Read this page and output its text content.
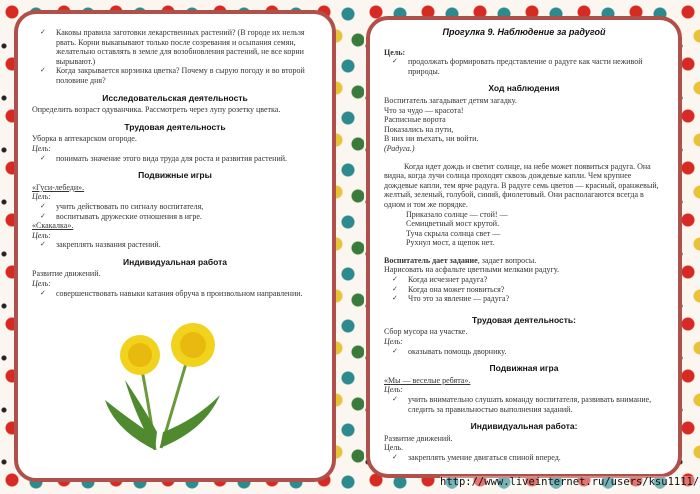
✓ Каковы правила заготовки лекарственных растений? (В городе их нельзя рвать. Корни выкапывают только после созревания и осыпания семян, желательно оставлять в земле для возобновления растений, не все корни вырывают.)
✓ Когда закрывается корзинка цветка? Почему в сырую погоду и во второй половине дня?
Исследовательская деятельность

Определить возраст одуванчика. Рассмотреть через лупу розетку цветка.

Трудовая деятельность

Уборка в аптекарском огороде.

Цель:

✓ понимать значение этого вида труда для роста и развития растений.
Подвижные игры

«Гуси-лебеди».

Цель:

✓ учить действовать по сигналу воспитателя,
✓ воспитывать дружеские отношения в игре.

«Скакалка».

Цель:

✓ закреплять названия растений.
Индивидуальная работа

Развитие движений.

Цель:

✓ совершенствовать навыки катания обруча в произвольном направлении.
Прогулка 9. Наблюдение за радугой

Цель:

✓ продолжать формировать представление о радуге как части неживой природы.
Ход наблюдения

Воспитатель загадывает детям загадку.

Что за чудо — красота!

Расписные ворота

Показались на пути,

В них ни въехать, ни войти.

(Радуга.)

Когда идет дождь и светит солнце, на небе может появиться радуга. Она видна, когда лучи солнца проходят сквозь дождевые капли. Чем крупнее дождевые капли, тем ярче радуга. В радуге семь цветов — красный, оранжевый, желтый, зеленый, голубой, синий, фиолетовый. Они располагаются всегда в одном и том же порядке.

Приказало солнце — стой! —

Семицветный мост крутой.

Туча скрыла солнца свет —

Рухнул мост, а щепок нет.

Воспитатель дает задание, задает вопросы.

Нарисовать на асфальте цветными мелками радугу.

✓ Когда исчезнет радуга?
✓ Когда она может появиться?
✓ Что это за явление — радуга?
Трудовая деятельность:

Сбор мусора на участке.

Цель:

✓ оказывать помощь дворнику.
Подвижная игра

«Мы — веселые ребята».

Цель:

✓ учить внимательно слушать команду воспитателя, развивать внимание, следить за правильностью выполнения заданий.
Индивидуальная работа:

Развитие движений.

Цель.

✓ закреплять умение двигаться спиной вперед.
http://www.liveinternet.ru/users/ksu1111/
